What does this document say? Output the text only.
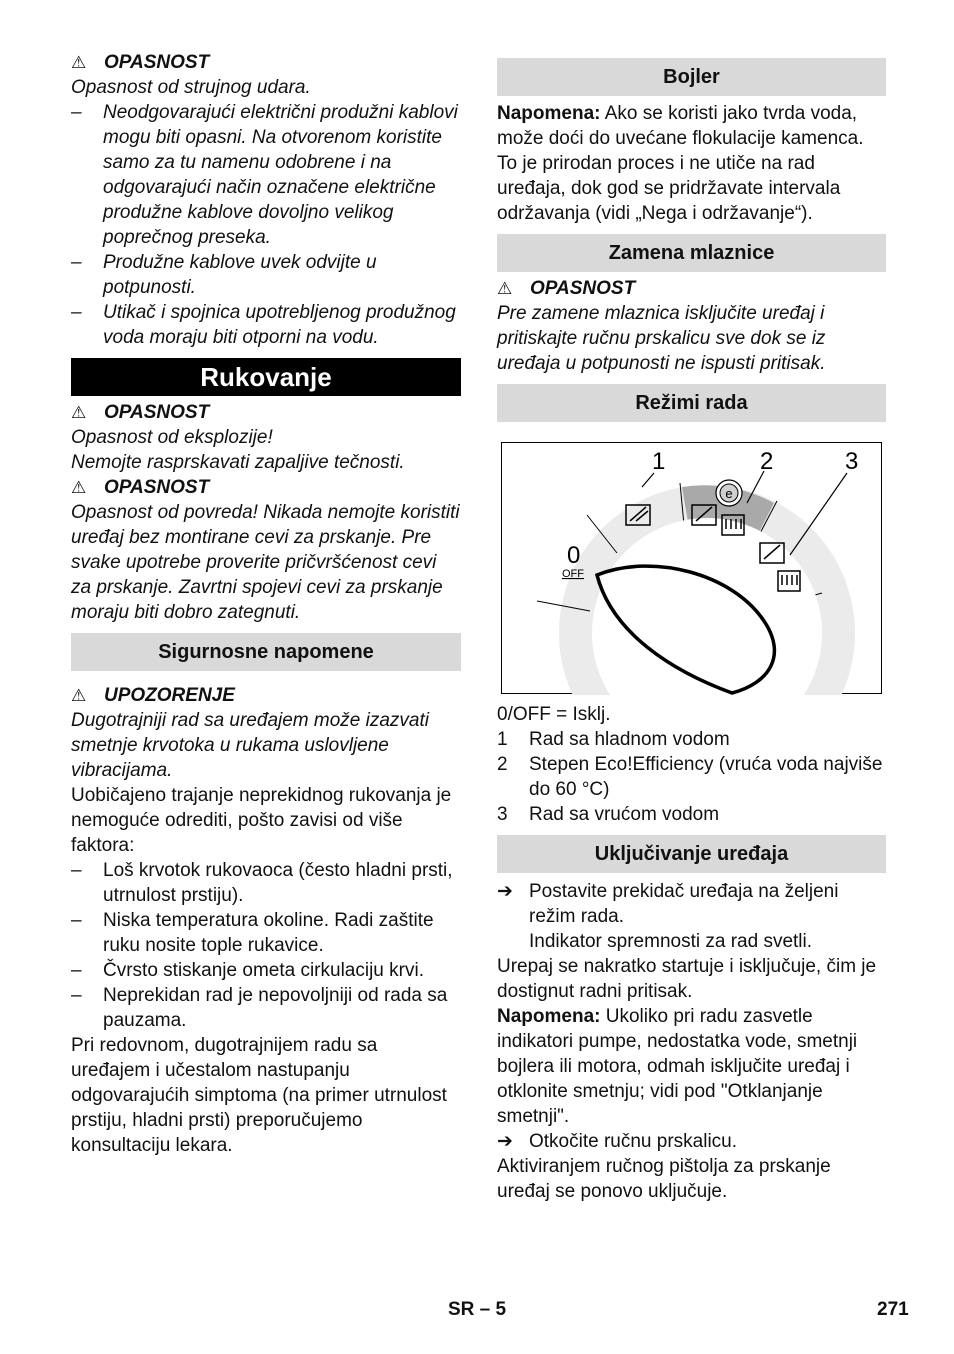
⚠ OPASNOST

Opasnost od strujnog udara.

–	Neodgovarajući električni produžni kablovi mogu biti opasni. Na otvorenom koristite samo za tu namenu odobrene i na odgovarajući način označene električne produžne kablove dovoljno velikog poprečnog preseka.
–	Produžne kablove uvek odvijte u potpunosti.
–	Utikač i spojnica upotrebljenog produžnog voda moraju biti otporni na vodu.
Rukovanje
⚠ OPASNOST

Opasnost od eksplozije!

Nemojte rasprskavati zapaljive tečnosti.

⚠ OPASNOST

Opasnost od povreda! Nikada nemojte koristiti uređaj bez montirane cevi za prskanje. Pre svake upotrebe proverite pričvršćenost cevi za prskanje. Zavrtni spojevi cevi za prskanje moraju biti dobro zategnuti.

Sigurnosne napomene
⚠ UPOZORENJE

Dugotrajniji rad sa uređajem može izazvati smetnje krvotoka u rukama uslovljene vibracijama.

Uobičajeno trajanje neprekidnog rukovanja je nemoguće odrediti, pošto zavisi od više faktora:

–	Loš krvotok rukovaoca (često hladni prsti, utrnulost prstiju).
–	Niska temperatura okoline. Radi zaštite ruku nosite tople rukavice.
–	Čvrsto stiskanje ometa cirkulaciju krvi.
–	Neprekidan rad je nepovoljniji od rada sa pauzama.

Pri redovnom, dugotrajnijem radu sa uređajem i učestalom nastupanju odgovarajućih simptoma (na primer utrnulost prstiju, hladni prsti) preporučujemo konsultaciju lekara.

Bojler

Napomena: Ako se koristi jako tvrda voda, može doći do uvećane flokulacije kamenca. To je prirodan proces i ne utiče na rad uređaja, dok god se pridržavate intervala održavanja (vidi „Nega i održavanje“).

Zamena mlaznice
⚠ OPASNOST

Pre zamene mlaznica isključite uređaj i pritiskajte ručnu prskalicu sve dok se iz uređaja u potpunosti ne ispusti pritisak.

Režimi rada
e
1	2	3
0
OFF

0/OFF = Isklj.

1	Rad sa hladnom vodom
2	Stepen Eco!Efficiency (vruća voda najviše do 60 °C)
3	Rad sa vrućom vodom
Uključivanje uređaja
➔ Postavite prekidač uređaja na željeni režim rada.

Indikator spremnosti za rad svetli.

Urepaj se nakratko startuje i isključuje, čim je dostignut radni pritisak.

Napomena: Ukoliko pri radu zasvetle indikatori pumpe, nedostatka vode, smetnji bojlera ili motora, odmah isključite uređaj i otklonite smetnju; vidi pod "Otklanjanje smetnji".

➔ Otkočite ručnu prskalicu.

Aktiviranjem ručnog pištolja za prskanje uređaj se ponovo uključuje.

SR – 5	271
